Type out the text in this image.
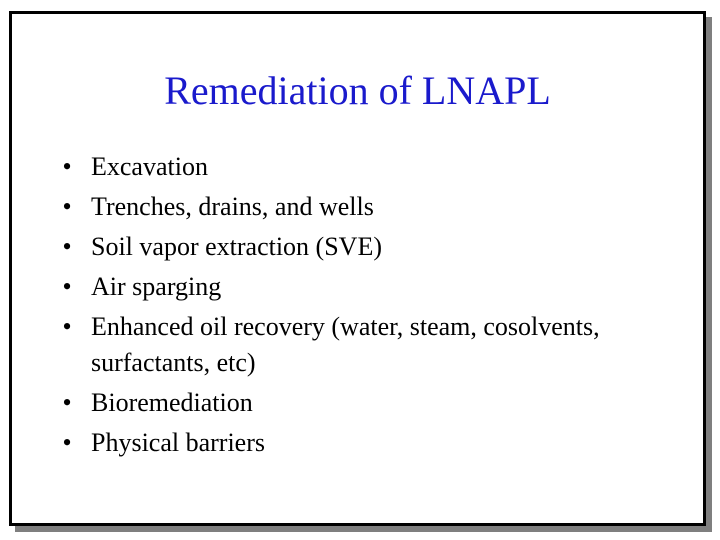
Remediation of LNAPL
• Excavation
• Trenches, drains, and wells
• Soil vapor extraction (SVE)
• Air sparging
• Enhanced oil recovery (water, steam, cosolvents, surfactants, etc)
• Bioremediation
• Physical barriers
